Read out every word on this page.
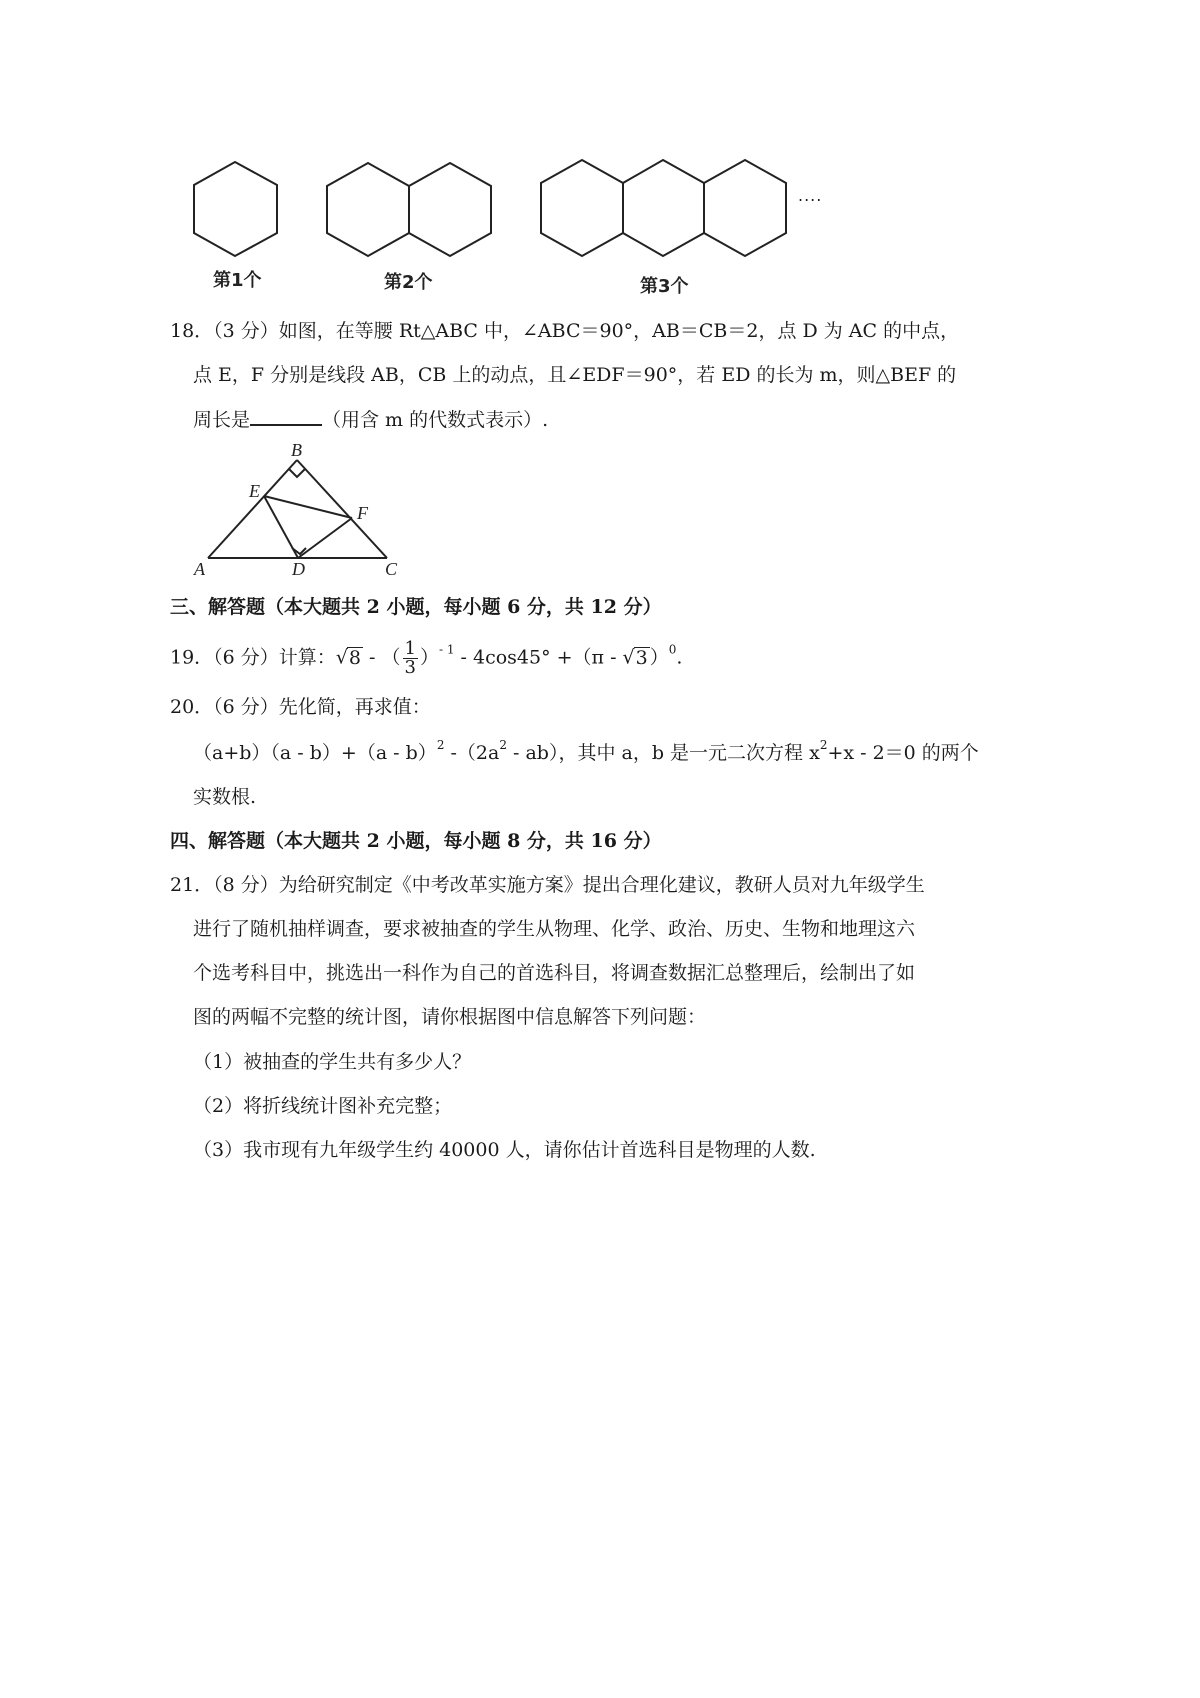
第1个	第2个	第3个
....
18．（3 分）如图，在等腰 Rt△ABC 中，∠ABC＝90°，AB＝CB＝2，点 D 为 AC 的中点，
点 E，F 分别是线段 AB，CB 上的动点，且∠EDF＝90°，若 ED 的长为 m，则△BEF 的
周长是	（用含 m 的代数式表示）.
B
E
F
A	D	C
三、解答题（本大题共 2 小题，每小题 6 分，共 12 分）
19．（6 分）计算：√8 - （ $\frac{1}{3} )^{- 1} - 4\cos 45^\circ +(\pi - √3$ ）$^0$.
20．（6 分）先化简，再求值：
（a+b）（a - b）+（a - b）$^2$ $-(2a^2 - ab)$，其中 a，b 是一元二次方程 $x^2+x - 2=0$ 的两个
实数根.
四、解答题（本大题共 2 小题，每小题 8 分，共 16 分）
21．（8 分）为给研究制定《中考改革实施方案》提出合理化建议，教研人员对九年级学生
进行了随机抽样调查，要求被抽查的学生从物理、化学、政治、历史、生物和地理这六
个选考科目中，挑选出一科作为自己的首选科目，将调查数据汇总整理后，绘制出了如
图的两幅不完整的统计图，请你根据图中信息解答下列问题：
（1）被抽查的学生共有多少人？
（2）将折线统计图补充完整；
（3）我市现有九年级学生约 40000 人，请你估计首选科目是物理的人数.
